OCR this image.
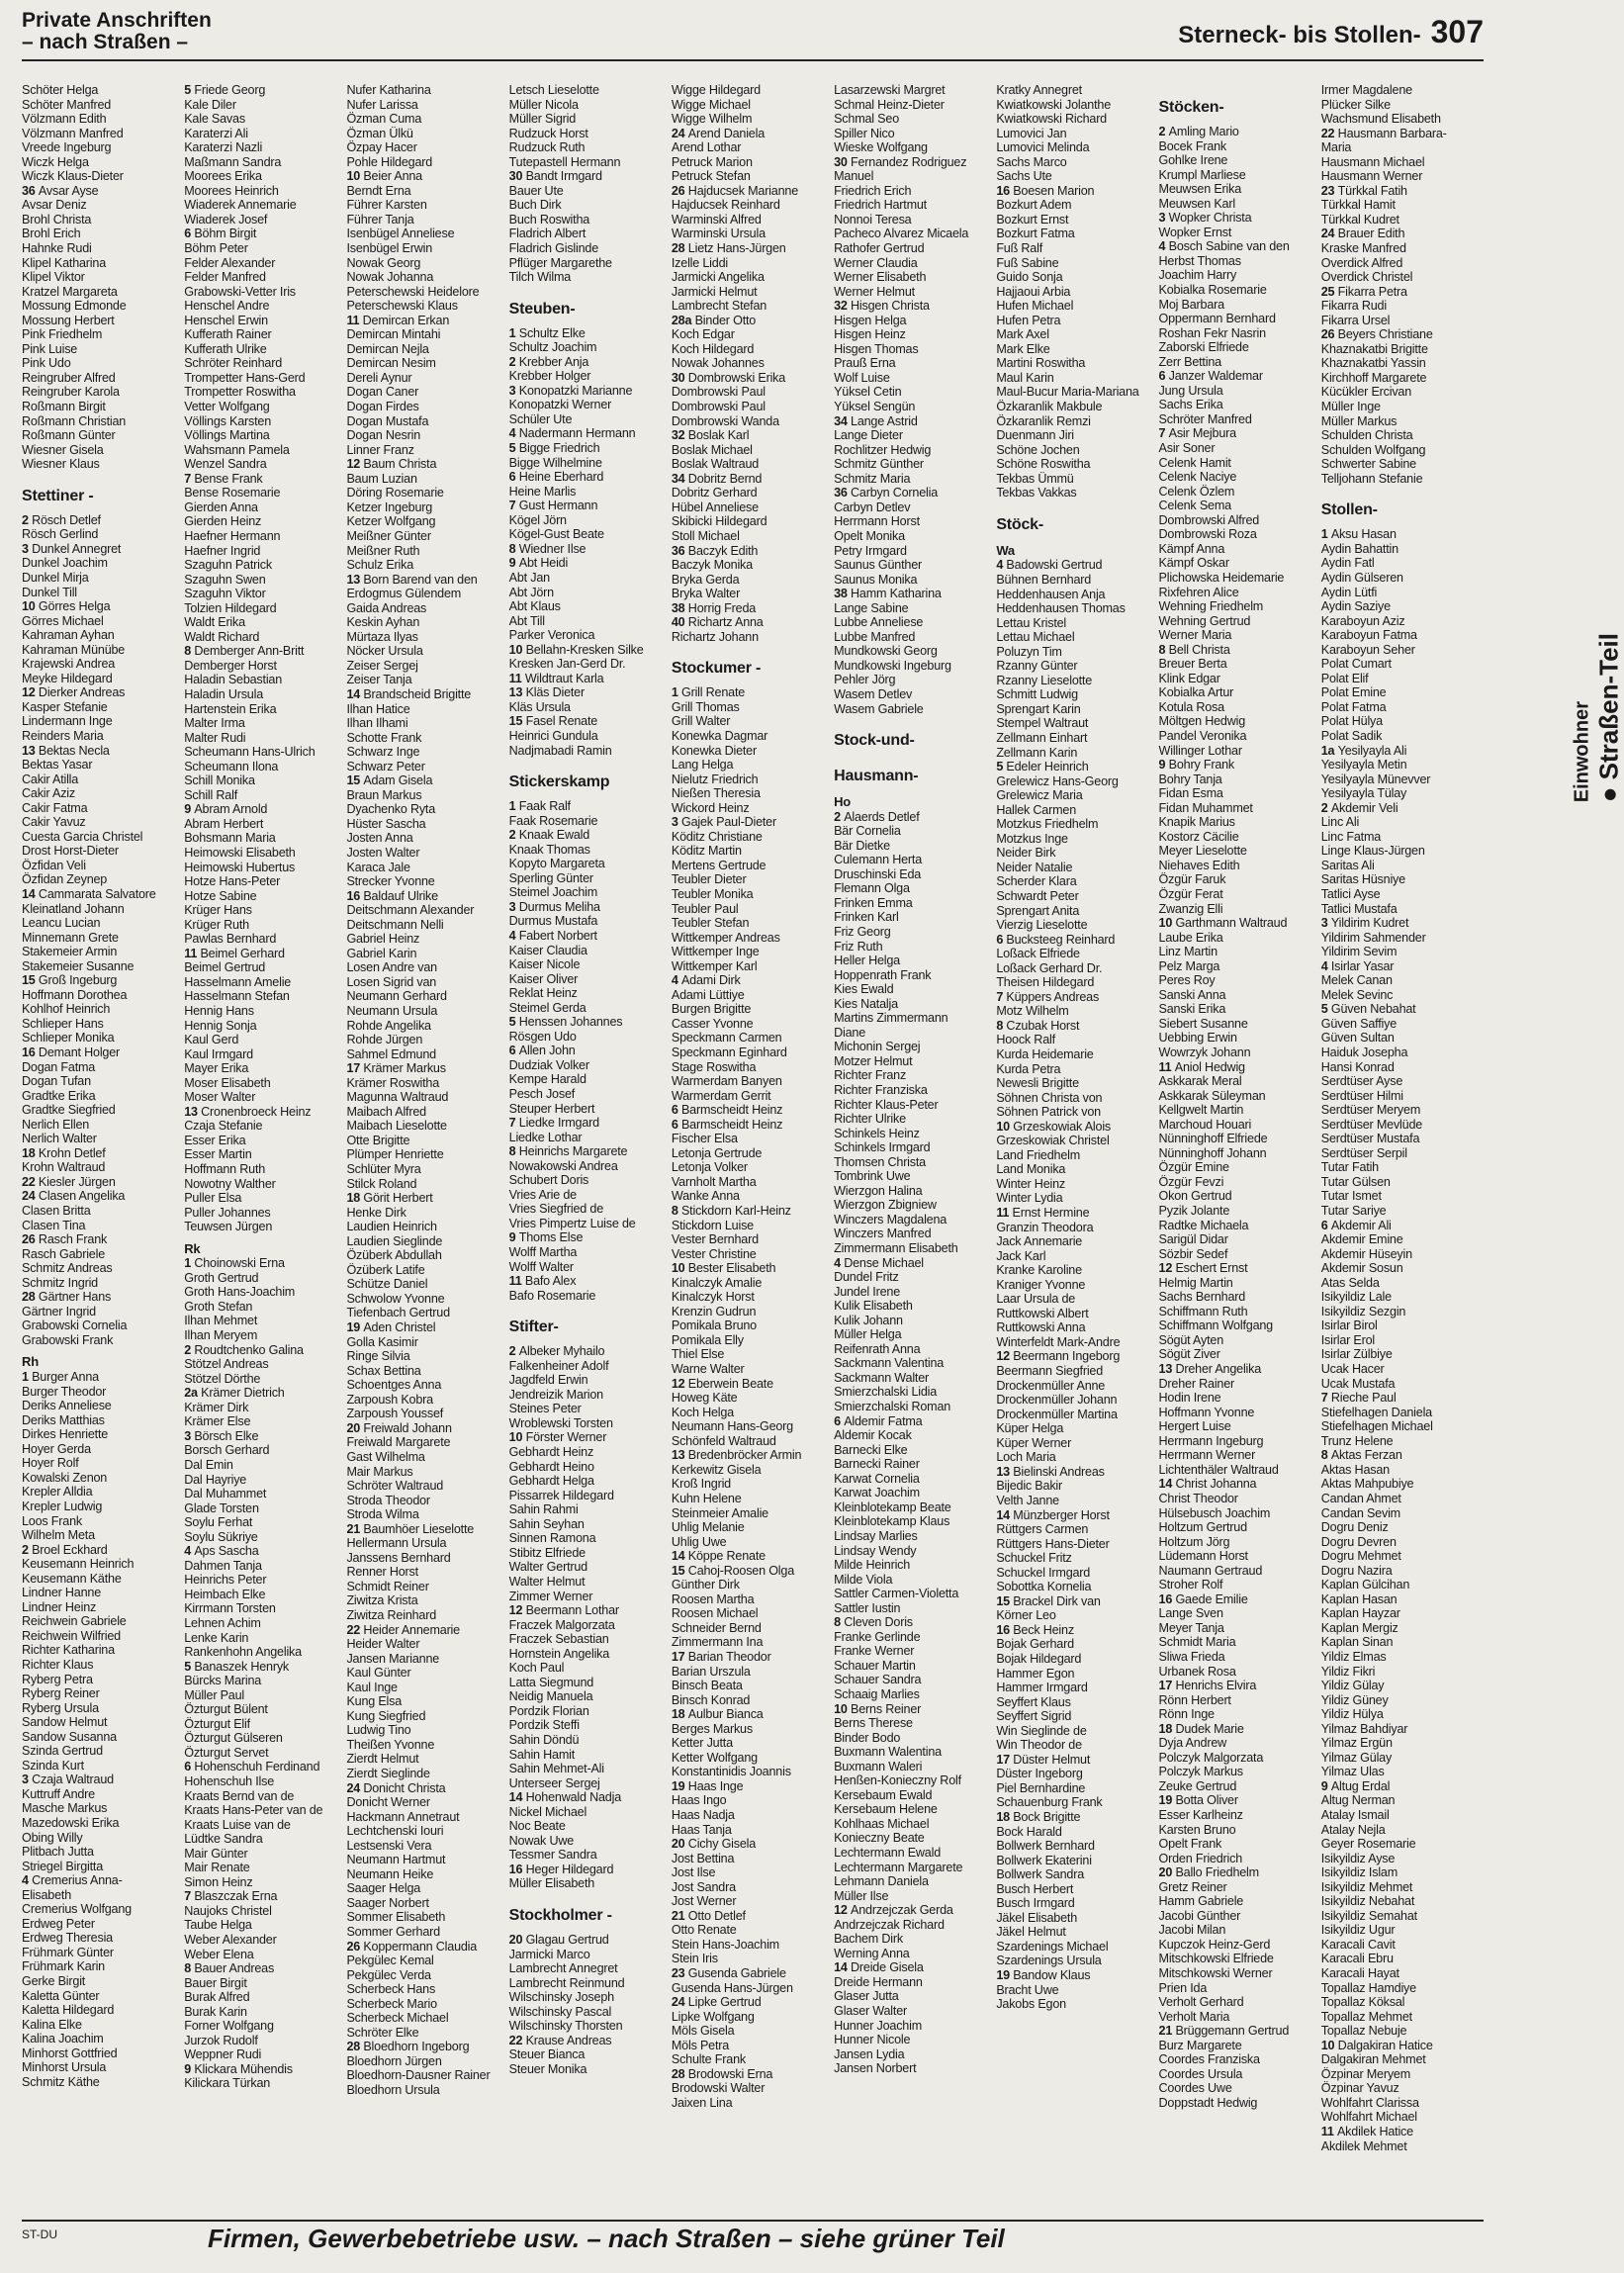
Private Anschriften
– nach Straßen –	Sterneck- bis Stollen- 307
Einwohner ● Straßen-Teil
Schöter Helga
Schöter Manfred
Völzmann Edith
Völzmann Manfred
Vreede Ingeburg
Wiczk Helga
Wiczk Klaus-Dieter
36 Avsar Ayse
Avsar Deniz
Brohl Christa
Brohl Erich
Hahnke Rudi
Klipel Katharina
Klipel Viktor
Kratzel Margareta
Mossung Edmonde
Mossung Herbert
Pink Friedhelm
Pink Luise
Pink Udo
Reingruber Alfred
Reingruber Karola
Roßmann Birgit
Roßmann Christian
Roßmann Günter
Wiesner Gisela
Wiesner Klaus
Stettiner -
2 Rösch Detlef
Rösch Gerlind
3 Dunkel Annegret
Dunkel Joachim
Dunkel Mirja
Dunkel Till
10 Görres Helga
Görres Michael
Kahraman Ayhan
Kahraman Münübe
Krajewski Andrea
Meyke Hildegard
12 Dierker Andreas
Kasper Stefanie
Lindermann Inge
Reinders Maria
13 Bektas Necla
Bektas Yasar
Cakir Atilla
Cakir Aziz
Cakir Fatma
Cakir Yavuz
Cuesta Garcia Christel
Drost Horst-Dieter
Özfidan Veli
Özfidan Zeynep
14 Cammarata Salvatore
Kleinatland Johann
Leancu Lucian
Minnemann Grete
Stakemeier Armin
Stakemeier Susanne
15 Groß Ingeburg
Hoffmann Dorothea
Kohlhof Heinrich
Schlieper Hans
Schlieper Monika
16 Demant Holger
Dogan Fatma
Dogan Tufan
Gradtke Erika
Gradtke Siegfried
Nerlich Ellen
Nerlich Walter
18 Krohn Detlef
Krohn Waltraud
22 Kiesler Jürgen
24 Clasen Angelika
Clasen Britta
Clasen Tina
26 Rasch Frank
Rasch Gabriele
Schmitz Andreas
Schmitz Ingrid
28 Gärtner Hans
Gärtner Ingrid
Grabowski Cornelia
Grabowski Frank
Rh
1 Burger Anna
Burger Theodor
Deriks Anneliese
Deriks Matthias
Dirkes Henriette
Hoyer Gerda
Hoyer Rolf
Kowalski Zenon
Krepler Alldia
Krepler Ludwig
Loos Frank
Wilhelm Meta
2 Broel Eckhard
Keusemann Heinrich
Keusemann Käthe
Lindner Hanne
Lindner Heinz
Reichwein Gabriele
Reichwein Wilfried
Richter Katharina
Richter Klaus
Ryberg Petra
Ryberg Reiner
Ryberg Ursula
Sandow Helmut
Sandow Susanna
Szinda Gertrud
Szinda Kurt
3 Czaja Waltraud
Kuttruff Andre
Masche Markus
Mazedowski Erika
Obing Willy
Plitbach Jutta
Striegel Birgitta
4 Cremerius Anna-
Elisabeth
Cremerius Wolfgang
Erdweg Peter
Erdweg Theresia
Frühmark Günter
Frühmark Karin
Gerke Birgit
Kaletta Günter
Kaletta Hildegard
Kalina Elke
Kalina Joachim
Minhorst Gottfried
Minhorst Ursula
Schmitz Käthe
5 Friede Georg
Kale Diler
Kale Savas
Karaterzi Ali
Karaterzi Nazli
Maßmann Sandra
Moorees Erika
Moorees Heinrich
Wiaderek Annemarie
Wiaderek Josef
6 Böhm Birgit
Böhm Peter
Felder Alexander
Felder Manfred
Grabowski-Vetter Iris
Henschel Andre
Henschel Erwin
Kufferath Rainer
Kufferath Ulrike
Schröter Reinhard
Trompetter Hans-Gerd
Trompetter Roswitha
Vetter Wolfgang
Völlings Karsten
Völlings Martina
Wahsmann Pamela
Wenzel Sandra
7 Bense Frank
Bense Rosemarie
Gierden Anna
Gierden Heinz
Haefner Hermann
Haefner Ingrid
Szaguhn Patrick
Szaguhn Swen
Szaguhn Viktor
Tolzien Hildegard
Waldt Erika
Waldt Richard
8 Demberger Ann-Britt
Demberger Horst
Haladin Sebastian
Haladin Ursula
Hartenstein Erika
Malter Irma
Malter Rudi
Scheumann Hans-Ulrich
Scheumann Ilona
Schill Monika
Schill Ralf
9 Abram Arnold
Abram Herbert
Bohsmann Maria
Heimowski Elisabeth
Heimowski Hubertus
Hotze Hans-Peter
Hotze Sabine
Krüger Hans
Krüger Ruth
Pawlas Bernhard
11 Beimel Gerhard
Beimel Gertrud
Hasselmann Amelie
Hasselmann Stefan
Hennig Hans
Hennig Sonja
Kaul Gerd
Kaul Irmgard
Mayer Erika
Moser Elisabeth
Moser Walter
13 Cronenbroeck Heinz
Czaja Stefanie
Esser Erika
Esser Martin
Hoffmann Ruth
Nowotny Walther
Puller Elsa
Puller Johannes
Teuwsen Jürgen
Rk
1 Choinowski Erna
Groth Gertrud
Groth Hans-Joachim
Groth Stefan
Ilhan Mehmet
Ilhan Meryem
2 Roudtchenko Galina
Stötzel Andreas
Stötzel Dörthe
2a Krämer Dietrich
Krämer Dirk
Krämer Else
3 Börsch Elke
Borsch Gerhard
Dal Emin
Dal Hayriye
Dal Muhammet
Glade Torsten
Soylu Ferhat
Soylu Sükriye
4 Aps Sascha
Dahmen Tanja
Heinrichs Peter
Heimbach Elke
Kirrmann Torsten
Lehnen Achim
Lenke Karin
Rankenhohn Angelika
5 Banaszek Henryk
Bürcks Marina
Müller Paul
Özturgut Bülent
Özturgut Elif
Özturgut Gülseren
Özturgut Servet
6 Hohenschuh Ferdinand
Hohenschuh Ilse
Kraats Bernd van de
Kraats Hans-Peter van de
Kraats Luise van de
Lüdtke Sandra
Mair Günter
Mair Renate
Simon Heinz
7 Blaszczak Erna
Naujoks Christel
Taube Helga
Weber Alexander
Weber Elena
8 Bauer Andreas
Bauer Birgit
Burak Alfred
Burak Karin
Forner Wolfgang
Jurzok Rudolf
Weppner Rudi
9 Klickara Mühendis
Kilickara Türkan
Nufer Katharina
Nufer Larissa
Özman Cuma
Özman Ülkü
Özpay Hacer
Pohle Hildegard
10 Beier Anna
Berndt Erna
Führer Karsten
Führer Tanja
Isenbügel Anneliese
Isenbügel Erwin
Nowak Georg
Nowak Johanna
Peterschewski Heidelore
Peterschewski Klaus
11 Demircan Erkan
Demircan Mintahi
Demircan Nejla
Demircan Nesim
Dereli Aynur
Dogan Caner
Dogan Firdes
Dogan Mustafa
Dogan Nesrin
Linner Franz
12 Baum Christa
Baum Luzian
Döring Rosemarie
Ketzer Ingeburg
Ketzer Wolfgang
Meißner Günter
Meißner Ruth
Schulz Erika
13 Born Barend van den
Erdogmus Gülendem
Gaida Andreas
Keskin Ayhan
Mürtaza Ilyas
Nöcker Ursula
Zeiser Sergej
Zeiser Tanja
14 Brandscheid Brigitte
Ilhan Hatice
Ilhan Ilhami
Schotte Frank
Schwarz Inge
Schwarz Peter
15 Adam Gisela
Braun Markus
Dyachenko Ryta
Hüster Sascha
Josten Anna
Josten Walter
Karaca Jale
Strecker Yvonne
16 Baldauf Ulrike
Deitschmann Alexander
Deitschmann Nelli
Gabriel Heinz
Gabriel Karin
Losen Andre van
Losen Sigrid van
Neumann Gerhard
Neumann Ursula
Rohde Angelika
Rohde Jürgen
Sahmel Edmund
17 Krämer Markus
Krämer Roswitha
Magunna Waltraud
Maibach Alfred
Maibach Lieselotte
Otte Brigitte
Plümper Henriette
Schlüter Myra
Stilck Roland
18 Görit Herbert
Henke Dirk
Laudien Heinrich
Laudien Sieglinde
Özüberk Abdullah
Özüberk Latife
Schütze Daniel
Schwolow Yvonne
Tiefenbach Gertrud
19 Aden Christel
Golla Kasimir
Ringe Silvia
Schax Bettina
Schoentges Anna
Zarpoush Kobra
Zarpoush Youssef
20 Freiwald Johann
Freiwald Margarete
Gast Wilhelma
Mair Markus
Schröter Waltraud
Stroda Theodor
Stroda Wilma
21 Baumhöer Lieselotte
Hellermann Ursula
Janssens Bernhard
Renner Horst
Schmidt Reiner
Ziwitza Krista
Ziwitza Reinhard
22 Heider Annemarie
Heider Walter
Jansen Marianne
Kaul Günter
Kaul Inge
Kung Elsa
Kung Siegfried
Ludwig Tino
Theißen Yvonne
Zierdt Helmut
Zierdt Sieglinde
24 Donicht Christa
Donicht Werner
Hackmann Annetraut
Lechtchenski Iouri
Lestsenski Vera
Neumann Hartmut
Neumann Heike
Saager Helga
Saager Norbert
Sommer Elisabeth
Sommer Gerhard
26 Koppermann Claudia
Pekgülec Kemal
Pekgülec Verda
Scherbeck Hans
Scherbeck Mario
Scherbeck Michael
Schröter Elke
28 Bloedhorn Ingeborg
Bloedhorn Jürgen
Bloedhorn-Dausner Rainer
Bloedhorn Ursula
Letsch Lieselotte
Müller Nicola
Müller Sigrid
Rudzuck Horst
Rudzuck Ruth
Tutepastell Hermann
30 Bandt Irmgard
Bauer Ute
Buch Dirk
Buch Roswitha
Fladrich Albert
Fladrich Gislinde
Pflüger Margarethe
Tilch Wilma
Steuben-
1 Schultz Elke
Schultz Joachim
2 Krebber Anja
Krebber Holger
3 Konopatzki Marianne
Konopatzki Werner
Schüler Ute
4 Nadermann Hermann
5 Bigge Friedrich
Bigge Wilhelmine
6 Heine Eberhard
Heine Marlis
7 Gust Hermann
Kögel Jörn
Kögel-Gust Beate
8 Wiedner Ilse
9 Abt Heidi
Abt Jan
Abt Jörn
Abt Klaus
Abt Till
Parker Veronica
10 Bellahn-Kresken Silke
Kresken Jan-Gerd Dr.
11 Wildtraut Karla
13 Kläs Dieter
Kläs Ursula
15 Fasel Renate
Heinrici Gundula
Nadjmabadi Ramin
Stickerskamp
1 Faak Ralf
Faak Rosemarie
2 Knaak Ewald
Knaak Thomas
Kopyto Margareta
Sperling Günter
Steimel Joachim
3 Durmus Meliha
Durmus Mustafa
4 Fabert Norbert
Kaiser Claudia
Kaiser Nicole
Kaiser Oliver
Reklat Heinz
Steimel Gerda
5 Henssen Johannes
Rösgen Udo
6 Allen John
Dudziak Volker
Kempe Harald
Pesch Josef
Steuper Herbert
7 Liedke Irmgard
Liedke Lothar
8 Heinrichs Margarete
Nowakowski Andrea
Schubert Doris
Vries Arie de
Vries Siegfried de
Vries Pimpertz Luise de
9 Thoms Else
Wolff Martha
Wolff Walter
11 Bafo Alex
Bafo Rosemarie
Stifter-
2 Albeker Myhailo
Falkenheiner Adolf
Jagdfeld Erwin
Jendreizik Marion
Steines Peter
Wroblewski Torsten
10 Förster Werner
Gebhardt Heinz
Gebhardt Heino
Gebhardt Helga
Pissarrek Hildegard
Sahin Rahmi
Sahin Seyhan
Sinnen Ramona
Stibitz Elfriede
Walter Gertrud
Walter Helmut
Zimmer Werner
12 Beermann Lothar
Fraczek Malgorzata
Fraczek Sebastian
Hornstein Angelika
Koch Paul
Latta Siegmund
Neidig Manuela
Pordzik Florian
Pordzik Steffi
Sahin Döndü
Sahin Hamit
Sahin Mehmet-Ali
Unterseer Sergej
14 Hohenwald Nadja
Nickel Michael
Noc Beate
Nowak Uwe
Tessmer Sandra
16 Heger Hildegard
Müller Elisabeth
Stockholmer -
20 Glagau Gertrud
Jarmicki Marco
Lambrecht Annegret
Lambrecht Reinmund
Wilschinsky Joseph
Wilschinsky Pascal
Wilschinsky Thorsten
22 Krause Andreas
Steuer Bianca
Steuer Monika
Wigge Hildegard
Wigge Michael
Wigge Wilhelm
24 Arend Daniela
Arend Lothar
Petruck Marion
Petruck Stefan
26 Hajducsek Marianne
Hajducsek Reinhard
Warminski Alfred
Warminski Ursula
28 Lietz Hans-Jürgen
Izelle Liddi
Jarmicki Angelika
Jarmicki Helmut
Lambrecht Stefan
28a Binder Otto
Koch Edgar
Koch Hildegard
Nowak Johannes
30 Dombrowski Erika
Dombrowski Paul
Dombrowski Paul
Dombrowski Wanda
32 Boslak Karl
Boslak Michael
Boslak Waltraud
34 Dobritz Bernd
Dobritz Gerhard
Hübel Anneliese
Skibicki Hildegard
Stoll Michael
36 Baczyk Edith
Baczyk Monika
Bryka Gerda
Bryka Walter
38 Horrig Freda
40 Richartz Anna
Richartz Johann
Stockumer -
1 Grill Renate
Grill Thomas
Grill Walter
Konewka Dagmar
Konewka Dieter
Lang Helga
Nielutz Friedrich
Nießen Theresia
Wickord Heinz
3 Gajek Paul-Dieter
Köditz Christiane
Köditz Martin
Mertens Gertrude
Teubler Dieter
Teubler Monika
Teubler Paul
Teubler Stefan
Wittkemper Andreas
Wittkemper Inge
Wittkemper Karl
4 Adami Dirk
Adami Lüttiye
Burgen Brigitte
Casser Yvonne
Speckmann Carmen
Speckmann Eginhard
Stage Roswitha
Warmerdam Banyen
Warmerdam Gerrit
6 Barmscheidt Heinz
6 Barmscheidt Heinz
Fischer Elsa
Letonja Gertrude
Letonja Volker
Varnholt Martha
Wanke Anna
8 Stickdorn Karl-Heinz
Stickdorn Luise
Vester Bernhard
Vester Christine
10 Bester Elisabeth
Kinalczyk Amalie
Kinalczyk Horst
Krenzin Gudrun
Pomikala Bruno
Pomikala Elly
Thiel Else
Warne Walter
12 Eberwein Beate
Howeg Käte
Koch Helga
Neumann Hans-Georg
Schönfeld Waltraud
13 Bredenbröcker Armin
Kerkewitz Gisela
Kroß Ingrid
Kuhn Helene
Steinmeier Amalie
Uhlig Melanie
Uhlig Uwe
14 Köppe Renate
15 Cahoj-Roosen Olga
Günther Dirk
Roosen Martha
Roosen Michael
Schneider Bernd
Zimmermann Ina
17 Barian Theodor
Barian Urszula
Binsch Beata
Binsch Konrad
18 Aulbur Bianca
Berges Markus
Ketter Jutta
Ketter Wolfgang
Konstantinidis Joannis
19 Haas Inge
Haas Ingo
Haas Nadja
Haas Tanja
20 Cichy Gisela
Jost Bettina
Jost Ilse
Jost Sandra
Jost Werner
21 Otto Detlef
Otto Renate
Stein Hans-Joachim
Stein Iris
23 Gusenda Gabriele
Gusenda Hans-Jürgen
24 Lipke Gertrud
Lipke Wolfgang
Möls Gisela
Möls Petra
Schulte Frank
28 Brodowski Erna
Brodowski Walter
Jaixen Lina
Lasarzewski Margret
Schmal Heinz-Dieter
Schmal Seo
Spiller Nico
Wieske Wolfgang
30 Fernandez Rodriguez
Manuel
Friedrich Erich
Friedrich Hartmut
Nonnoi Teresa
Pacheco Alvarez Micaela
Rathofer Gertrud
Werner Claudia
Werner Elisabeth
Werner Helmut
32 Hisgen Christa
Hisgen Helga
Hisgen Heinz
Hisgen Thomas
Prauß Erna
Wolf Luise
Yüksel Cetin
Yüksel Sengün
34 Lange Astrid
Lange Dieter
Rochlitzer Hedwig
Schmitz Günther
Schmitz Maria
36 Carbyn Cornelia
Carbyn Detlev
Herrmann Horst
Opelt Monika
Petry Irmgard
Saunus Günther
Saunus Monika
38 Hamm Katharina
Lange Sabine
Lubbe Anneliese
Lubbe Manfred
Mundkowski Georg
Mundkowski Ingeburg
Pehler Jörg
Wasem Detlev
Wasem Gabriele
Stock-und-
Hausmann-
Ho
2 Alaerds Detlef
Bär Cornelia
Bär Dietke
Culemann Herta
Druschinski Eda
Flemann Olga
Frinken Emma
Frinken Karl
Friz Georg
Friz Ruth
Heller Helga
Hoppenrath Frank
Kies Ewald
Kies Natalja
Martins Zimmermann
Diane
Michonin Sergej
Motzer Helmut
Richter Franz
Richter Franziska
Richter Klaus-Peter
Richter Ulrike
Schinkels Heinz
Schinkels Irmgard
Thomsen Christa
Tombrink Uwe
Wierzgon Halina
Wierzgon Zbigniew
Winczers Magdalena
Winczers Manfred
Zimmermann Elisabeth
4 Dense Michael
Dundel Fritz
Jundel Irene
Kulik Elisabeth
Kulik Johann
Müller Helga
Reifenrath Anna
Sackmann Valentina
Sackmann Walter
Smierzchalski Lidia
Smierzchalski Roman
6 Aldemir Fatma
Aldemir Kocak
Barnecki Elke
Barnecki Rainer
Karwat Cornelia
Karwat Joachim
Kleinblotekamp Beate
Kleinblotekamp Klaus
Lindsay Marlies
Lindsay Wendy
Milde Heinrich
Milde Viola
Sattler Carmen-Violetta
Sattler Iustin
8 Cleven Doris
Franke Gerlinde
Franke Werner
Schauer Martin
Schauer Sandra
Schaaig Marlies
10 Berns Reiner
Berns Therese
Binder Bodo
Buxmann Walentina
Buxmann Waleri
Henßen-Konieczny Rolf
Kersebaum Ewald
Kersebaum Helene
Kohlhaas Michael
Konieczny Beate
Lechtermann Ewald
Lechtermann Margarete
Lehmann Daniela
Müller Ilse
12 Andrzejczak Gerda
Andrzejczak Richard
Bachem Dirk
Werning Anna
14 Dreide Gisela
Dreide Hermann
Glaser Jutta
Glaser Walter
Hunner Joachim
Hunner Nicole
Jansen Lydia
Jansen Norbert
Kratky Annegret
Kwiatkowski Jolanthe
Kwiatkowski Richard
Lumovici Jan
Lumovici Melinda
Sachs Marco
Sachs Ute
16 Boesen Marion
Bozkurt Adem
Bozkurt Ernst
Bozkurt Fatma
Fuß Ralf
Fuß Sabine
Guido Sonja
Hajjaoui Arbia
Hufen Michael
Hufen Petra
Mark Axel
Mark Elke
Martini Roswitha
Maul Karin
Maul-Bucur Maria-Mariana
Özkaranlik Makbule
Özkaranlik Remzi
Duenmann Jiri
Schöne Jochen
Schöne Roswitha
Tekbas Ümmü
Tekbas Vakkas
Stöck-
Wa
4 Badowski Gertrud
Bühnen Bernhard
Heddenhausen Anja
Heddenhausen Thomas
Lettau Kristel
Lettau Michael
Poluzyn Tim
Rzanny Günter
Rzanny Lieselotte
Schmitt Ludwig
Sprengart Karin
Stempel Waltraut
Zellmann Einhart
Zellmann Karin
5 Edeler Heinrich
Grelewicz Hans-Georg
Grelewicz Maria
Hallek Carmen
Motzkus Friedhelm
Motzkus Inge
Neider Birk
Neider Natalie
Scherder Klara
Schwardt Peter
Sprengart Anita
Vierzig Lieselotte
6 Bucksteeg Reinhard
Loßack Elfriede
Loßack Gerhard Dr.
Theisen Hildegard
7 Küppers Andreas
Motz Wilhelm
8 Czubak Horst
Hoock Ralf
Kurda Heidemarie
Kurda Petra
Newesli Brigitte
Söhnen Christa von
Söhnen Patrick von
10 Grzeskowiak Alois
Grzeskowiak Christel
Land Friedhelm
Land Monika
Winter Heinz
Winter Lydia
11 Ernst Hermine
Granzin Theodora
Jack Annemarie
Jack Karl
Kranke Karoline
Kraniger Yvonne
Laar Ursula de
Ruttkowski Albert
Ruttkowski Anna
Winterfeldt Mark-Andre
12 Beermann Ingeborg
Beermann Siegfried
Drockenmüller Anne
Drockenmüller Johann
Drockenmüller Martina
Küper Helga
Küper Werner
Loch Maria
13 Bielinski Andreas
Bijedic Bakir
Velth Janne
14 Münzberger Horst
Rüttgers Carmen
Rüttgers Hans-Dieter
Schuckel Fritz
Schuckel Irmgard
Sobottka Kornelia
15 Brackel Dirk van
Körner Leo
16 Beck Heinz
Bojak Gerhard
Bojak Hildegard
Hammer Egon
Hammer Irmgard
Seyffert Klaus
Seyffert Sigrid
Win Sieglinde de
Win Theodor de
17 Düster Helmut
Düster Ingeborg
Piel Bernhardine
Schauenburg Frank
18 Bock Brigitte
Bock Harald
Bollwerk Bernhard
Bollwerk Ekaterini
Bollwerk Sandra
Busch Herbert
Busch Irmgard
Jäkel Elisabeth
Jäkel Helmut
Szardenings Michael
Szardenings Ursula
19 Bandow Klaus
Bracht Uwe
Jakobs Egon
Stöcken-
2 Amling Mario
Bocek Frank
Gohlke Irene
Krumpl Marliese
Meuwsen Erika
Meuwsen Karl
3 Wopker Christa
Wopker Ernst
4 Bosch Sabine van den
Herbst Thomas
Joachim Harry
Kobialka Rosemarie
Moj Barbara
Oppermann Bernhard
Roshan Fekr Nasrin
Zaborski Elfriede
Zerr Bettina
6 Janzer Waldemar
Jung Ursula
Sachs Erika
Schröter Manfred
7 Asir Mejbura
Asir Soner
Celenk Hamit
Celenk Naciye
Celenk Özlem
Celenk Sema
Dombrowski Alfred
Dombrowski Roza
Kämpf Anna
Kämpf Oskar
Plichowska Heidemarie
Rixfehren Alice
Wehning Friedhelm
Wehning Gertrud
Werner Maria
8 Bell Christa
Breuer Berta
Klink Edgar
Kobialka Artur
Kotula Rosa
Möltgen Hedwig
Pandel Veronika
Willinger Lothar
9 Bohry Frank
Bohry Tanja
Fidan Esma
Fidan Muhammet
Knapik Marius
Kostorz Cäcilie
Meyer Lieselotte
Niehaves Edith
Özgür Faruk
Özgür Ferat
Zwanzig Elli
10 Garthmann Waltraud
Laube Erika
Linz Martin
Pelz Marga
Peres Roy
Sanski Anna
Sanski Erika
Siebert Susanne
Uebbing Erwin
Wowrzyk Johann
11 Aniol Hedwig
Askkarak Meral
Askkarak Süleyman
Kellgwelt Martin
Marchoud Houari
Nünninghoff Elfriede
Nünninghoff Johann
Özgür Emine
Özgür Fevzi
Okon Gertrud
Pyzik Jolante
Radtke Michaela
Sarigül Didar
Sözbir Sedef
12 Eschert Ernst
Helmig Martin
Sachs Bernhard
Schiffmann Ruth
Schiffmann Wolfgang
Sögüt Ayten
Sögüt Ziver
13 Dreher Angelika
Dreher Rainer
Hodin Irene
Hoffmann Yvonne
Hergert Luise
Herrmann Ingeburg
Herrmann Werner
Lichtenthäler Waltraud
14 Christ Johanna
Christ Theodor
Hülsebusch Joachim
Holtzum Gertrud
Holtzum Jörg
Lüdemann Horst
Naumann Gertraud
Stroher Rolf
16 Gaede Emilie
Lange Sven
Meyer Tanja
Schmidt Maria
Sliwa Frieda
Urbanek Rosa
17 Henrichs Elvira
Rönn Herbert
Rönn Inge
18 Dudek Marie
Dyja Andrew
Polczyk Malgorzata
Polczyk Markus
Zeuke Gertrud
19 Botta Oliver
Esser Karlheinz
Karsten Bruno
Opelt Frank
Orden Friedrich
20 Ballo Friedhelm
Gretz Reiner
Hamm Gabriele
Jacobi Günther
Jacobi Milan
Kupczok Heinz-Gerd
Mitschkowski Elfriede
Mitschkowski Werner
Prien Ida
Verholt Gerhard
Verholt Maria
21 Brüggemann Gertrud
Burz Margarete
Coordes Franziska
Coordes Ursula
Coordes Uwe
Doppstadt Hedwig
Irmer Magdalene
Plücker Silke
Wachsmund Elisabeth
22 Hausmann Barbara-
Maria
Hausmann Michael
Hausmann Werner
23 Türkkal Fatih
Türkkal Hamit
Türkkal Kudret
24 Brauer Edith
Kraske Manfred
Overdick Alfred
Overdick Christel
25 Fikarra Petra
Fikarra Rudi
Fikarra Ursel
26 Beyers Christiane
Khaznakatbi Brigitte
Khaznakatbi Yassin
Kirchhoff Margarete
Kücükler Ercivan
Müller Inge
Müller Markus
Schulden Christa
Schulden Wolfgang
Schwerter Sabine
Telljohann Stefanie
Stollen-
1 Aksu Hasan
Aydin Bahattin
Aydin Fatl
Aydin Gülseren
Aydin Lütfi
Aydin Saziye
Karaboyun Aziz
Karaboyun Fatma
Karaboyun Seher
Polat Cumart
Polat Elif
Polat Emine
Polat Fatma
Polat Hülya
Polat Sadik
1a Yesilyayla Ali
Yesilyayla Metin
Yesilyayla Münevver
Yesilyayla Tülay
2 Akdemir Veli
Linc Ali
Linc Fatma
Linge Klaus-Jürgen
Saritas Ali
Saritas Hüsniye
Tatlici Ayse
Tatlici Mustafa
3 Yildirim Kudret
Yildirim Sahmender
Yildirim Sevim
4 Isirlar Yasar
Melek Canan
Melek Sevinc
5 Güven Nebahat
Güven Saffiye
Güven Sultan
Haiduk Josepha
Hansi Konrad
Serdtüser Ayse
Serdtüser Hilmi
Serdtüser Meryem
Serdtüser Mevlüde
Serdtüser Mustafa
Serdtüser Serpil
Tutar Fatih
Tutar Gülsen
Tutar Ismet
Tutar Sariye
6 Akdemir Ali
Akdemir Emine
Akdemir Hüseyin
Akdemir Sosun
Atas Selda
Isikyildiz Lale
Isikyildiz Sezgin
Isirlar Birol
Isirlar Erol
Isirlar Zülbiye
Ucak Hacer
Ucak Mustafa
7 Rieche Paul
Stiefelhagen Daniela
Stiefelhagen Michael
Trunz Helene
8 Aktas Ferzan
Aktas Hasan
Aktas Mahpubiye
Candan Ahmet
Candan Sevim
Dogru Deniz
Dogru Devren
Dogru Mehmet
Dogru Nazira
Kaplan Gülcihan
Kaplan Hasan
Kaplan Hayzar
Kaplan Mergiz
Kaplan Sinan
Yildiz Elmas
Yildiz Fikri
Yildiz Gülay
Yildiz Güney
Yildiz Hülya
Yilmaz Bahdiyar
Yilmaz Ergün
Yilmaz Gülay
Yilmaz Ulas
9 Altug Erdal
Altug Nerman
Atalay Ismail
Atalay Nejla
Geyer Rosemarie
Isikyildiz Ayse
Isikyildiz Islam
Isikyildiz Mehmet
Isikyildiz Nebahat
Isikyildiz Semahat
Isikyildiz Ugur
Karacali Cavit
Karacali Ebru
Karacali Hayat
Topallaz Hamdiye
Topallaz Köksal
Topallaz Mehmet
Topallaz Nebuje
10 Dalgakiran Hatice
Dalgakiran Mehmet
Özpinar Meryem
Özpinar Yavuz
Wohlfahrt Clarissa
Wohlfahrt Michael
11 Akdilek Hatice
Akdilek Mehmet
ST-DU	Firmen, Gewerbebetriebe usw. – nach Straßen – siehe grüner Teil
